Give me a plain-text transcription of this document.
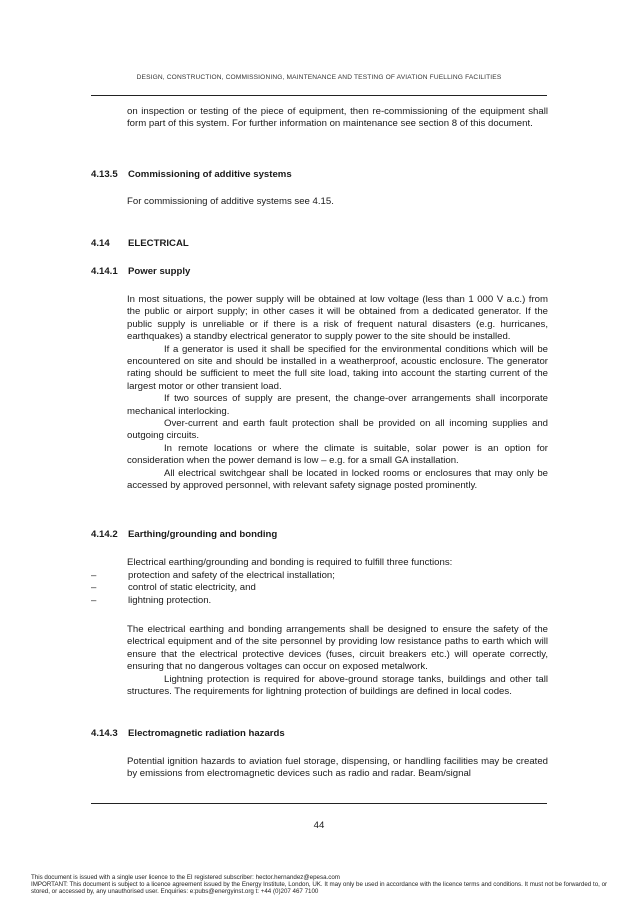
DESIGN, CONSTRUCTION, COMMISSIONING, MAINTENANCE AND TESTING OF AVIATION FUELLING FACILITIES

on inspection or testing of the piece of equipment, then re-commissioning of the equipment shall form part of this system. For further information on maintenance see section 8 of this document.

4.13.5 Commissioning of additive systems

For commissioning of additive systems see 4.15.

4.14 ELECTRICAL
4.14.1 Power supply

In most situations, the power supply will be obtained at low voltage (less than 1 000 V a.c.) from the public or airport supply; in other cases it will be obtained from a dedicated generator. If the public supply is unreliable or if there is a risk of frequent natural disasters (e.g. hurricanes, earthquakes) a standby electrical generator to supply power to the site should be installed.

If a generator is used it shall be specified for the environmental conditions which will be encountered on site and should be installed in a weatherproof, acoustic enclosure. The generator rating should be sufficient to meet the full site load, taking into account the starting current of the largest motor or other transient load.

If two sources of supply are present, the change-over arrangements shall incorporate mechanical interlocking.

Over-current and earth fault protection shall be provided on all incoming supplies and outgoing circuits.

In remote locations or where the climate is suitable, solar power is an option for consideration when the power demand is low – e.g. for a small GA installation.

All electrical switchgear shall be located in locked rooms or enclosures that may only be accessed by approved personnel, with relevant safety signage posted prominently.

4.14.2 Earthing/grounding and bonding

Electrical earthing/grounding and bonding is required to fulfill three functions:

–	protection and safety of the electrical installation;
–	control of static electricity, and
–	lightning protection.

The electrical earthing and bonding arrangements shall be designed to ensure the safety of the electrical equipment and of the site personnel by providing low resistance paths to earth which will ensure that the electrical protective devices (fuses, circuit breakers etc.) will operate correctly, ensuring that no dangerous voltages can occur on exposed metalwork.

Lightning protection is required for above-ground storage tanks, buildings and other tall structures. The requirements for lightning protection of buildings are defined in local codes.

4.14.3 Electromagnetic radiation hazards

Potential ignition hazards to aviation fuel storage, dispensing, or handling facilities may be created by emissions from electromagnetic devices such as radio and radar. Beam/signal

44
This document is issued with a single user licence to the EI registered subscriber: hector.hernandez@epesa.com
IMPORTANT: This document is subject to a licence agreement issued by the Energy Institute, London, UK. It may only be used in accordance with the licence terms and conditions. It must not be forwarded to, or stored, or accessed by, any unauthorised user. Enquiries: e:pubs@energyinst.org t: +44 (0)207 467 7100
